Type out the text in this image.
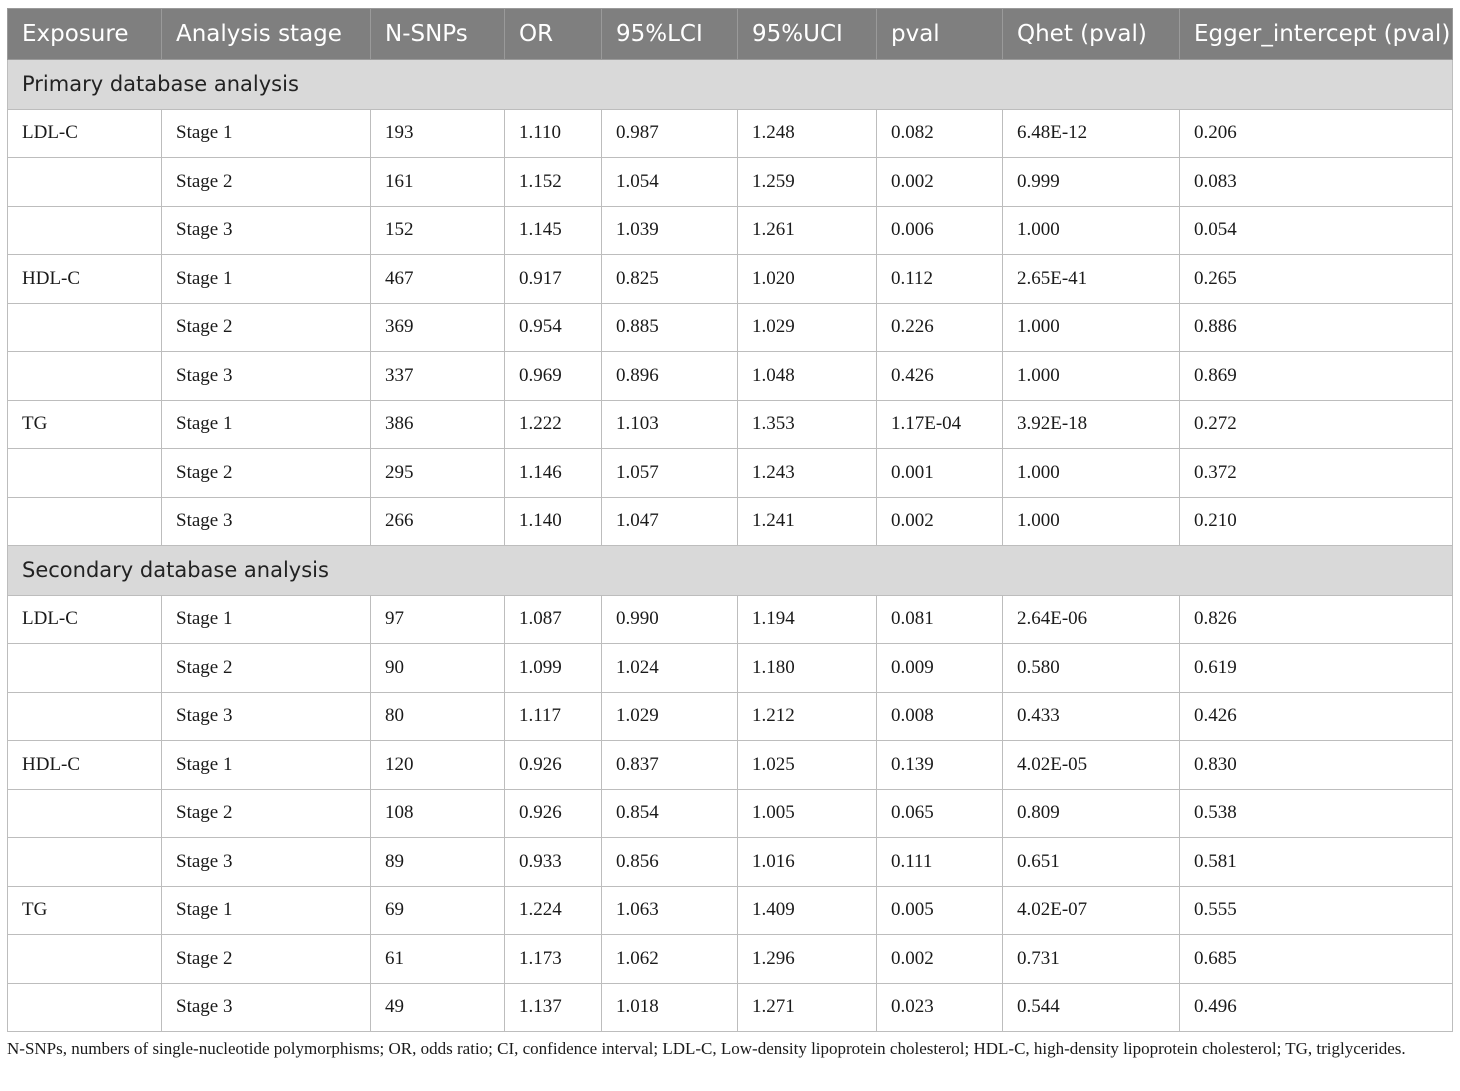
Exposure	Analysis stage	N-SNPs	OR	95%LCI	95%UCI	pval	Qhet (pval)	Egger_intercept (pval)
Primary database analysis								
LDL-C	Stage 1	193	1.110	0.987	1.248	0.082	6.48E-12	0.206
	Stage 2	161	1.152	1.054	1.259	0.002	0.999	0.083
	Stage 3	152	1.145	1.039	1.261	0.006	1.000	0.054
HDL-C	Stage 1	467	0.917	0.825	1.020	0.112	2.65E-41	0.265
	Stage 2	369	0.954	0.885	1.029	0.226	1.000	0.886
	Stage 3	337	0.969	0.896	1.048	0.426	1.000	0.869
TG	Stage 1	386	1.222	1.103	1.353	1.17E-04	3.92E-18	0.272
	Stage 2	295	1.146	1.057	1.243	0.001	1.000	0.372
	Stage 3	266	1.140	1.047	1.241	0.002	1.000	0.210
Secondary database analysis								
LDL-C	Stage 1	97	1.087	0.990	1.194	0.081	2.64E-06	0.826
	Stage 2	90	1.099	1.024	1.180	0.009	0.580	0.619
	Stage 3	80	1.117	1.029	1.212	0.008	0.433	0.426
HDL-C	Stage 1	120	0.926	0.837	1.025	0.139	4.02E-05	0.830
	Stage 2	108	0.926	0.854	1.005	0.065	0.809	0.538
	Stage 3	89	0.933	0.856	1.016	0.111	0.651	0.581
TG	Stage 1	69	1.224	1.063	1.409	0.005	4.02E-07	0.555
	Stage 2	61	1.173	1.062	1.296	0.002	0.731	0.685
	Stage 3	49	1.137	1.018	1.271	0.023	0.544	0.496
N-SNPs, numbers of single-nucleotide polymorphisms; OR, odds ratio; CI, confidence interval; LDL-C, Low-density lipoprotein cholesterol; HDL-C, high-density lipoprotein cholesterol; TG, triglycerides.
